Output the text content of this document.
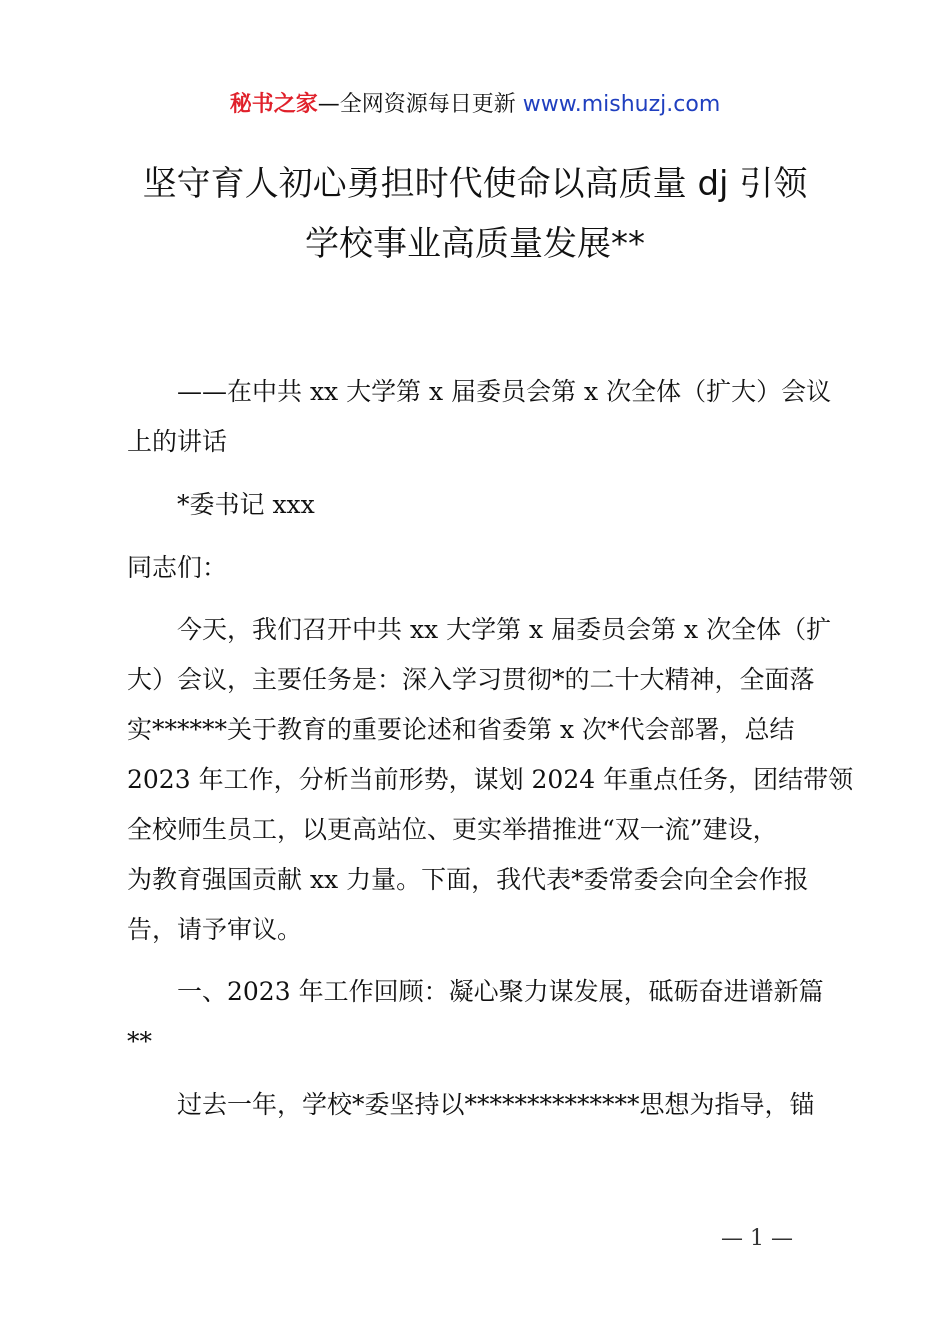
秘书之家—全网资源每日更新 www.mishuzj.com
坚守育人初心勇担时代使命以高质量 dj 引领
学校事业高质量发展**
——在中共 xx 大学第 x 届委员会第 x 次全体（扩大）会议
上的讲话
*委书记 xxx
同志们：
今天，我们召开中共 xx 大学第 x 届委员会第 x 次全体（扩
大）会议，主要任务是：深入学习贯彻*的二十大精神，全面落
实******关于教育的重要论述和省委第 x 次*代会部署，总结
2023 年工作，分析当前形势，谋划 2024 年重点任务，团结带领
全校师生员工，以更高站位、更实举措推进“双一流”建设，
为教育强国贡献 xx 力量。下面，我代表*委常委会向全会作报
告，请予审议。
一、2023 年工作回顾：凝心聚力谋发展，砥砺奋进谱新篇
**
过去一年，学校*委坚持以**************思想为指导，锚
— 1 —
